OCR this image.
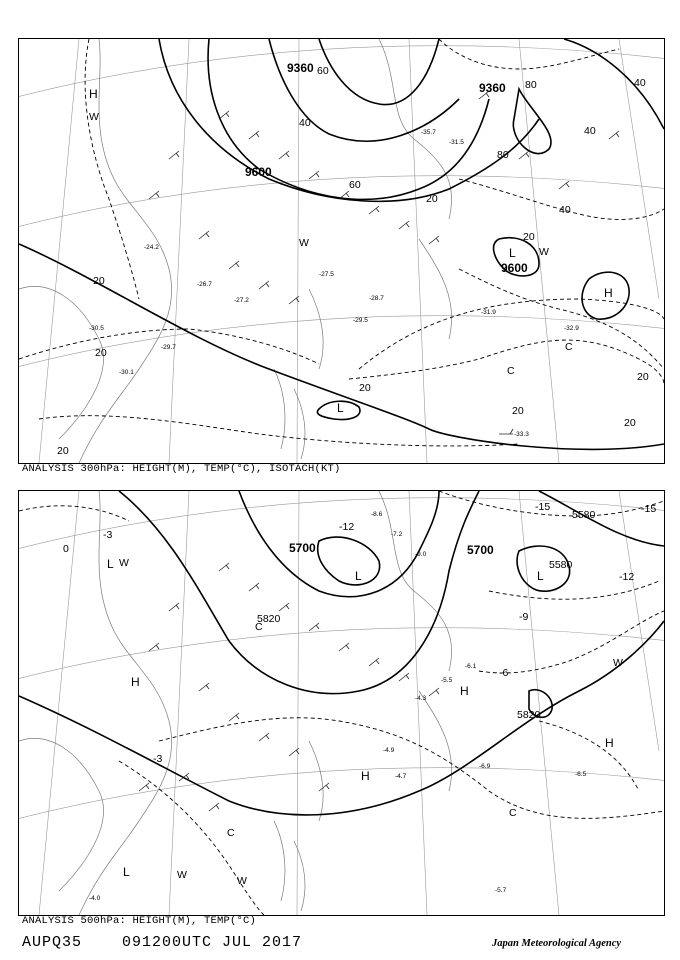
9360
9600
9360
9600
H
H
L
L
W
W
W
C
C
20
20
20
20
20
20
40
40
40
40
60
60
80
80
20
20
20
-29.5
-30.1
-31.9
-32.9
-33.3
-26.7
-27.2
-24.2
-35.7
-31.5
-29.7
-30.5
-28.7
-27.5
ANALYSIS 300hPa: HEIGHT(M), TEMP(°C), ISOTACH(KT)
5700	5700
5820
5820
5580
5580
L
L	L
H
H
H
H
C
C
C
W
W
W	W
L
-3
-3
-6
-9
-12
-12
-15	-15
0
-5.7
-6.9
-6.5
-4.7
-4.9
-4.3
-5.5
-6.1
-4.0
-8.6
-7.2
-9.0
ANALYSIS 500hPa: HEIGHT(M), TEMP(°C)
AUPQ35	091200UTC JUL 2017	Japan Meteorological Agency
